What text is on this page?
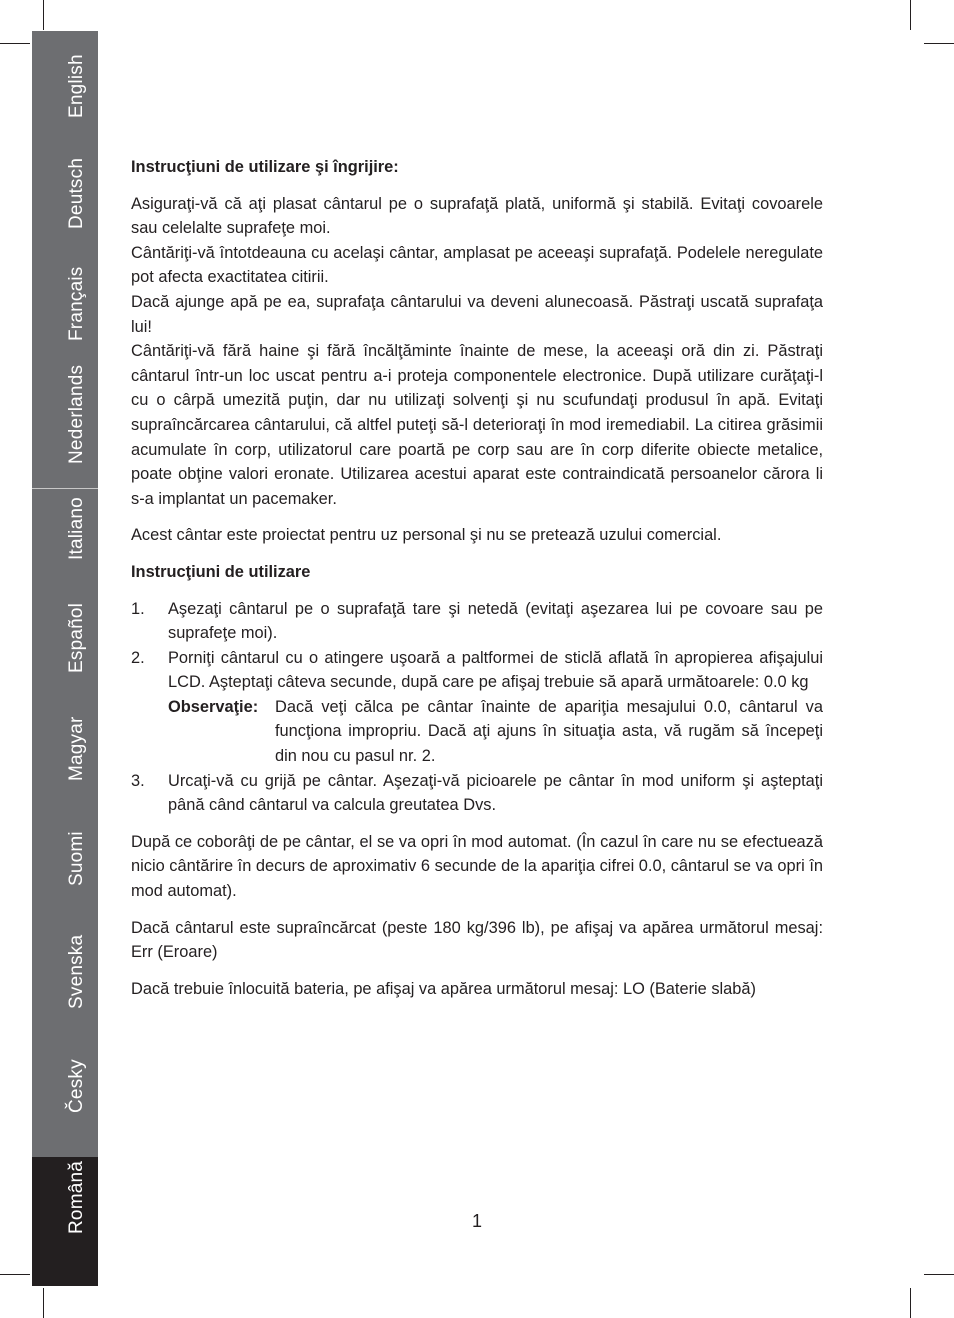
English
Deutsch
Français
Nederlands
Italiano
Español
Magyar
Suomi
Svenska
Česky
Română

Instrucţiuni de utilizare şi îngrijire:

Asiguraţi-vă că aţi plasat cântarul pe o suprafaţă plată, uniformă şi stabilă. Evitaţi covoarele sau celelalte suprafeţe moi.
Cântăriţi-vă întotdeauna cu acelaşi cântar, amplasat pe aceeaşi suprafaţă. Podelele neregulate pot afecta exactitatea citirii.
Dacă ajunge apă pe ea, suprafaţa cântarului va deveni alunecoasă. Păstraţi uscată suprafaţa lui!
Cântăriţi-vă fără haine şi fără încălţăminte înainte de mese, la aceeaşi oră din zi. Păstraţi cântarul într-un loc uscat pentru a-i proteja componentele electronice. După utilizare curăţaţi-l cu o cârpă umezită puţin, dar nu utilizaţi solvenţi şi nu scufundaţi produsul în apă. Evitaţi supraîncărcarea cântarului, că altfel puteţi să-l deterioraţi în mod iremediabil. La citirea grăsimii acumulate în corp, utilizatorul care poartă pe corp sau are în corp diferite obiecte metalice, poate obţine valori eronate. Utilizarea acestui aparat este contraindicată persoanelor cărora li s-a implantat un pacemaker.

Acest cântar este proiectat pentru uz personal şi nu se pretează uzului comercial.

Instrucţiuni de utilizare

1. Aşezaţi cântarul pe o suprafaţă tare şi netedă (evitaţi aşezarea lui pe covoare sau pe suprafeţe moi).
2. Porniţi cântarul cu o atingere uşoară a paltformei de sticlă aflată în apropierea afişajului LCD. Aşteptaţi câteva secunde, după care pe afişaj trebuie să apară următoarele: 0.0 kg
Observaţie:	Dacă veţi călca pe cântar înainte de apariţia mesajului 0.0, cântarul va funcţiona impropriu. Dacă aţi ajuns în situaţia asta, vă rugăm să începeţi din nou cu pasul nr. 2.
3. Urcaţi-vă cu grijă pe cântar. Aşezaţi-vă picioarele pe cântar în mod uniform şi aşteptaţi până când cântarul va calcula greutatea Dvs.

După ce coborâţi de pe cântar, el se va opri în mod automat. (În cazul în care nu se efectuează nicio cântărire în decurs de aproximativ 6 secunde de la apariţia cifrei 0.0, cântarul se va opri în mod automat).

Dacă cântarul este supraîncărcat (peste 180 kg/396 lb), pe afişaj va apărea următorul mesaj: Err (Eroare)

Dacă trebuie înlocuită bateria, pe afişaj va apărea următorul mesaj: LO (Baterie slabă)

1
